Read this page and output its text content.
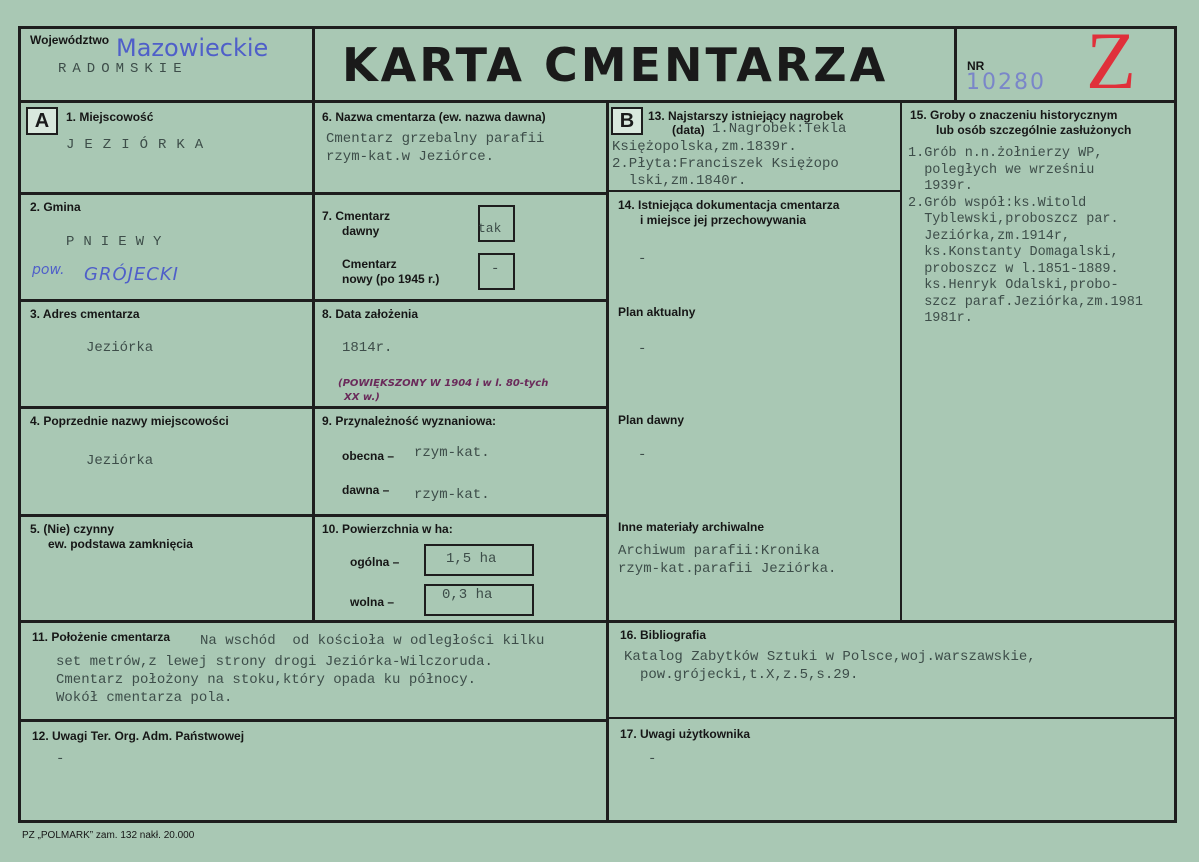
Województwo Mazowieckie
RADOMSKIE	KARTA CMENTARZA	NR
10280 Z
A	1. Miejscowość
JEZIÓRKA
2. Gmina
PNIEWY
pow. GRÓJECKI
3. Adres cmentarza
Jeziórka
4. Poprzednie nazwy miejscowości
Jeziórka
5. (Nie) czynny
ew. podstawa zamknięcia
6. Nazwa cmentarza (ew. nazwa dawna)
Cmentarz grzebalny parafii
rzym-kat.w Jeziórce.
7. Cmentarz
dawny	tak
Cmentarz
nowy (po 1945 r.)
-
8. Data założenia
1814r.
(POWIĘKSZONY W 1904 i w l. 80-tych
XX w.)
9. Przynależność wyznaniowa:
obecna – rzym-kat.
dawna – rzym-kat.
10. Powierzchnia w ha:
ogólna –	1,5 ha
wolna –	0,3 ha
B	13. Najstarszy istniejący nagrobek
(data) 1.Nagrobek:Tekla
Księżopolska,zm.1839r.
2.Płyta:Franciszek Księżopo
lski,zm.1840r.
14. Istniejąca dokumentacja cmentarza
i miejsce jej przechowywania
-
Plan aktualny
-
Plan dawny
-
Inne materiały archiwalne
Archiwum parafii:Kronika
rzym-kat.parafii Jeziórka.
15. Groby o znaczeniu historycznym
lub osób szczególnie zasłużonych
1.Grób n.n.żołnierzy WP,
poległych we wrześniu
1939r.
2.Grób współ:ks.Witold
Tyblewski,proboszcz par.
Jeziórka,zm.1914r,
ks.Konstanty Domagalski,
proboszcz w l.1851-1889.
ks.Henryk Odalski,probo-
szcz paraf.Jeziórka,zm.1981
1981r.
11. Położenie cmentarza Na wschód  od kościoła w odległości kilku
set metrów,z lewej strony drogi Jeziórka-Wilczoruda.
Cmentarz położony na stoku,który opada ku północy.
Wokół cmentarza pola.
16. Bibliografia
Katalog Zabytków Sztuki w Polsce,woj.warszawskie,
pow.grójecki,t.X,z.5,s.29.
12. Uwagi Ter. Org. Adm. Państwowej
-
17. Uwagi użytkownika
-
PZ „POLMARK” zam. 132 nakł. 20.000
